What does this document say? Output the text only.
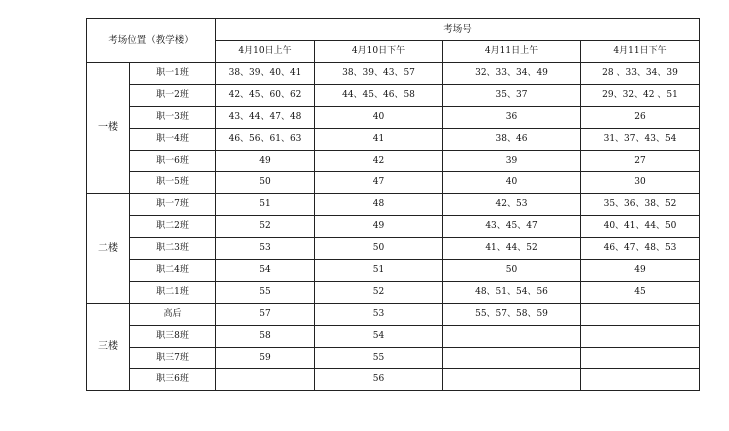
考场位置（教学楼）		考场号			
		4月10日上午	4月10日下午	4月11日上午	4月11日下午
一楼	职一1班	38、39、40、41	38、39、43、57	32、33、34、49	28 、33、34、39
	职一2班	42、45、60、62	44、45、46、58	35、37	29、32、42 、51
	职一3班	43、44、47、48	40	36	26
	职一4班	46、56、61、63	41	38、46	31、37、43、54
	职一6班	49	42	39	27
	职一5班	50	47	40	30
二楼	职一7班	51	48	42、53	35、36、38、52
	职二2班	52	49	43、45、47	40、41、44、50
	职二3班	53	50	41、44、52	46、47、48、53
	职二4班	54	51	50	49
	职二1班	55	52	48、51、54、56	45
三楼	高后	57	53	55、57、58、59	
	职三8班	58	54		
	职三7班	59	55		
	职三6班		56		
